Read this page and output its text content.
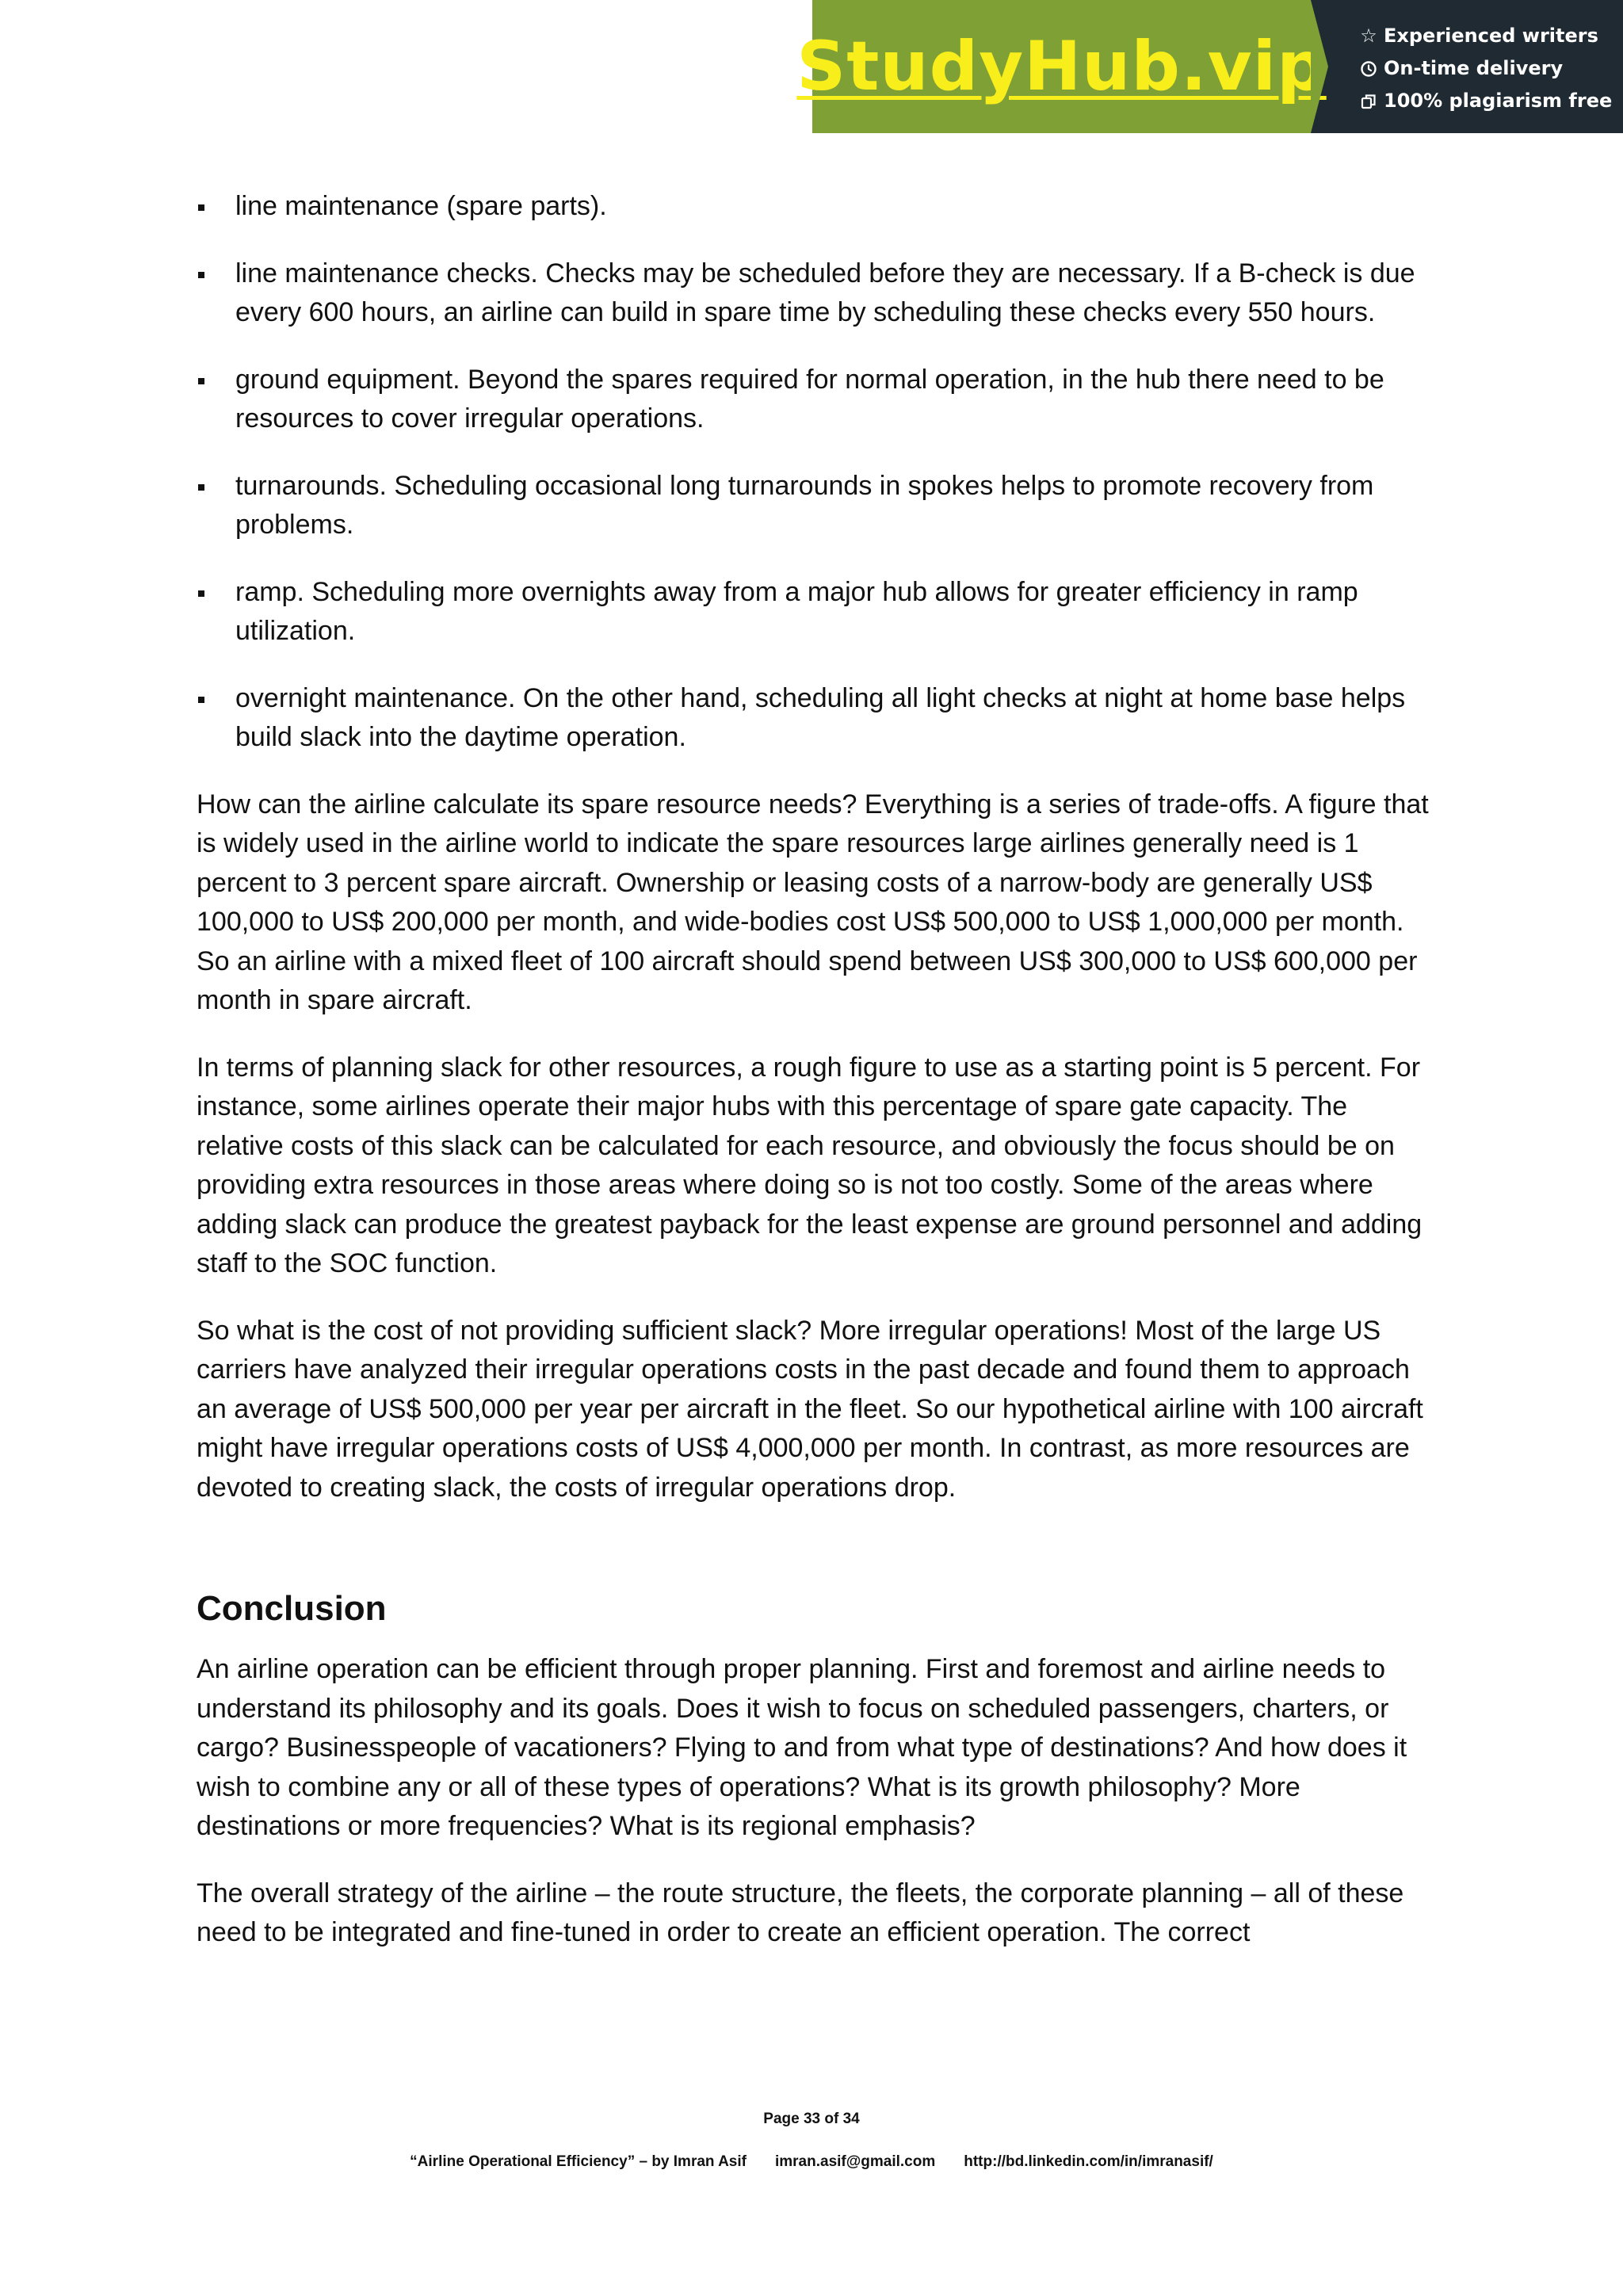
StudyHub.vip ☆ Experienced writers
On-time delivery
100% plagiarism free
line maintenance (spare parts).
line maintenance checks. Checks may be scheduled before they are necessary. If a B-check is due every 600 hours, an airline can build in spare time by scheduling these checks every 550 hours.
ground equipment. Beyond the spares required for normal operation, in the hub there need to be resources to cover irregular operations.
turnarounds. Scheduling occasional long turnarounds in spokes helps to promote recovery from problems.
ramp. Scheduling more overnights away from a major hub allows for greater efficiency in ramp utilization.
overnight maintenance. On the other hand, scheduling all light checks at night at home base helps build slack into the daytime operation.

How can the airline calculate its spare resource needs? Everything is a series of trade-offs. A figure that is widely used in the airline world to indicate the spare resources large airlines generally need is 1 percent to 3 percent spare aircraft. Ownership or leasing costs of a narrow-body are generally US$ 100,000 to US$ 200,000 per month, and wide-bodies cost US$ 500,000 to US$ 1,000,000 per month. So an airline with a mixed fleet of 100 aircraft should spend between US$ 300,000 to US$ 600,000 per month in spare aircraft.

In terms of planning slack for other resources, a rough figure to use as a starting point is 5 percent. For instance, some airlines operate their major hubs with this percentage of spare gate capacity. The relative costs of this slack can be calculated for each resource, and obviously the focus should be on providing extra resources in those areas where doing so is not too costly. Some of the areas where adding slack can produce the greatest payback for the least expense are ground personnel and adding staff to the SOC function.

So what is the cost of not providing sufficient slack? More irregular operations! Most of the large US carriers have analyzed their irregular operations costs in the past decade and found them to approach an average of US$ 500,000 per year per aircraft in the fleet. So our hypothetical airline with 100 aircraft might have irregular operations costs of US$ 4,000,000 per month. In contrast, as more resources are devoted to creating slack, the costs of irregular operations drop.

Conclusion

An airline operation can be efficient through proper planning. First and foremost and airline needs to understand its philosophy and its goals. Does it wish to focus on scheduled passengers, charters, or cargo? Businesspeople of vacationers? Flying to and from what type of destinations? And how does it wish to combine any or all of these types of operations? What is its growth philosophy? More destinations or more frequencies? What is its regional emphasis?

The overall strategy of the airline – the route structure, the fleets, the corporate planning – all of these need to be integrated and fine-tuned in order to create an efficient operation. The correct

Page 33 of 34
“Airline Operational Efficiency” – by Imran Asif imran.asif@gmail.com http://bd.linkedin.com/in/imranasif/
